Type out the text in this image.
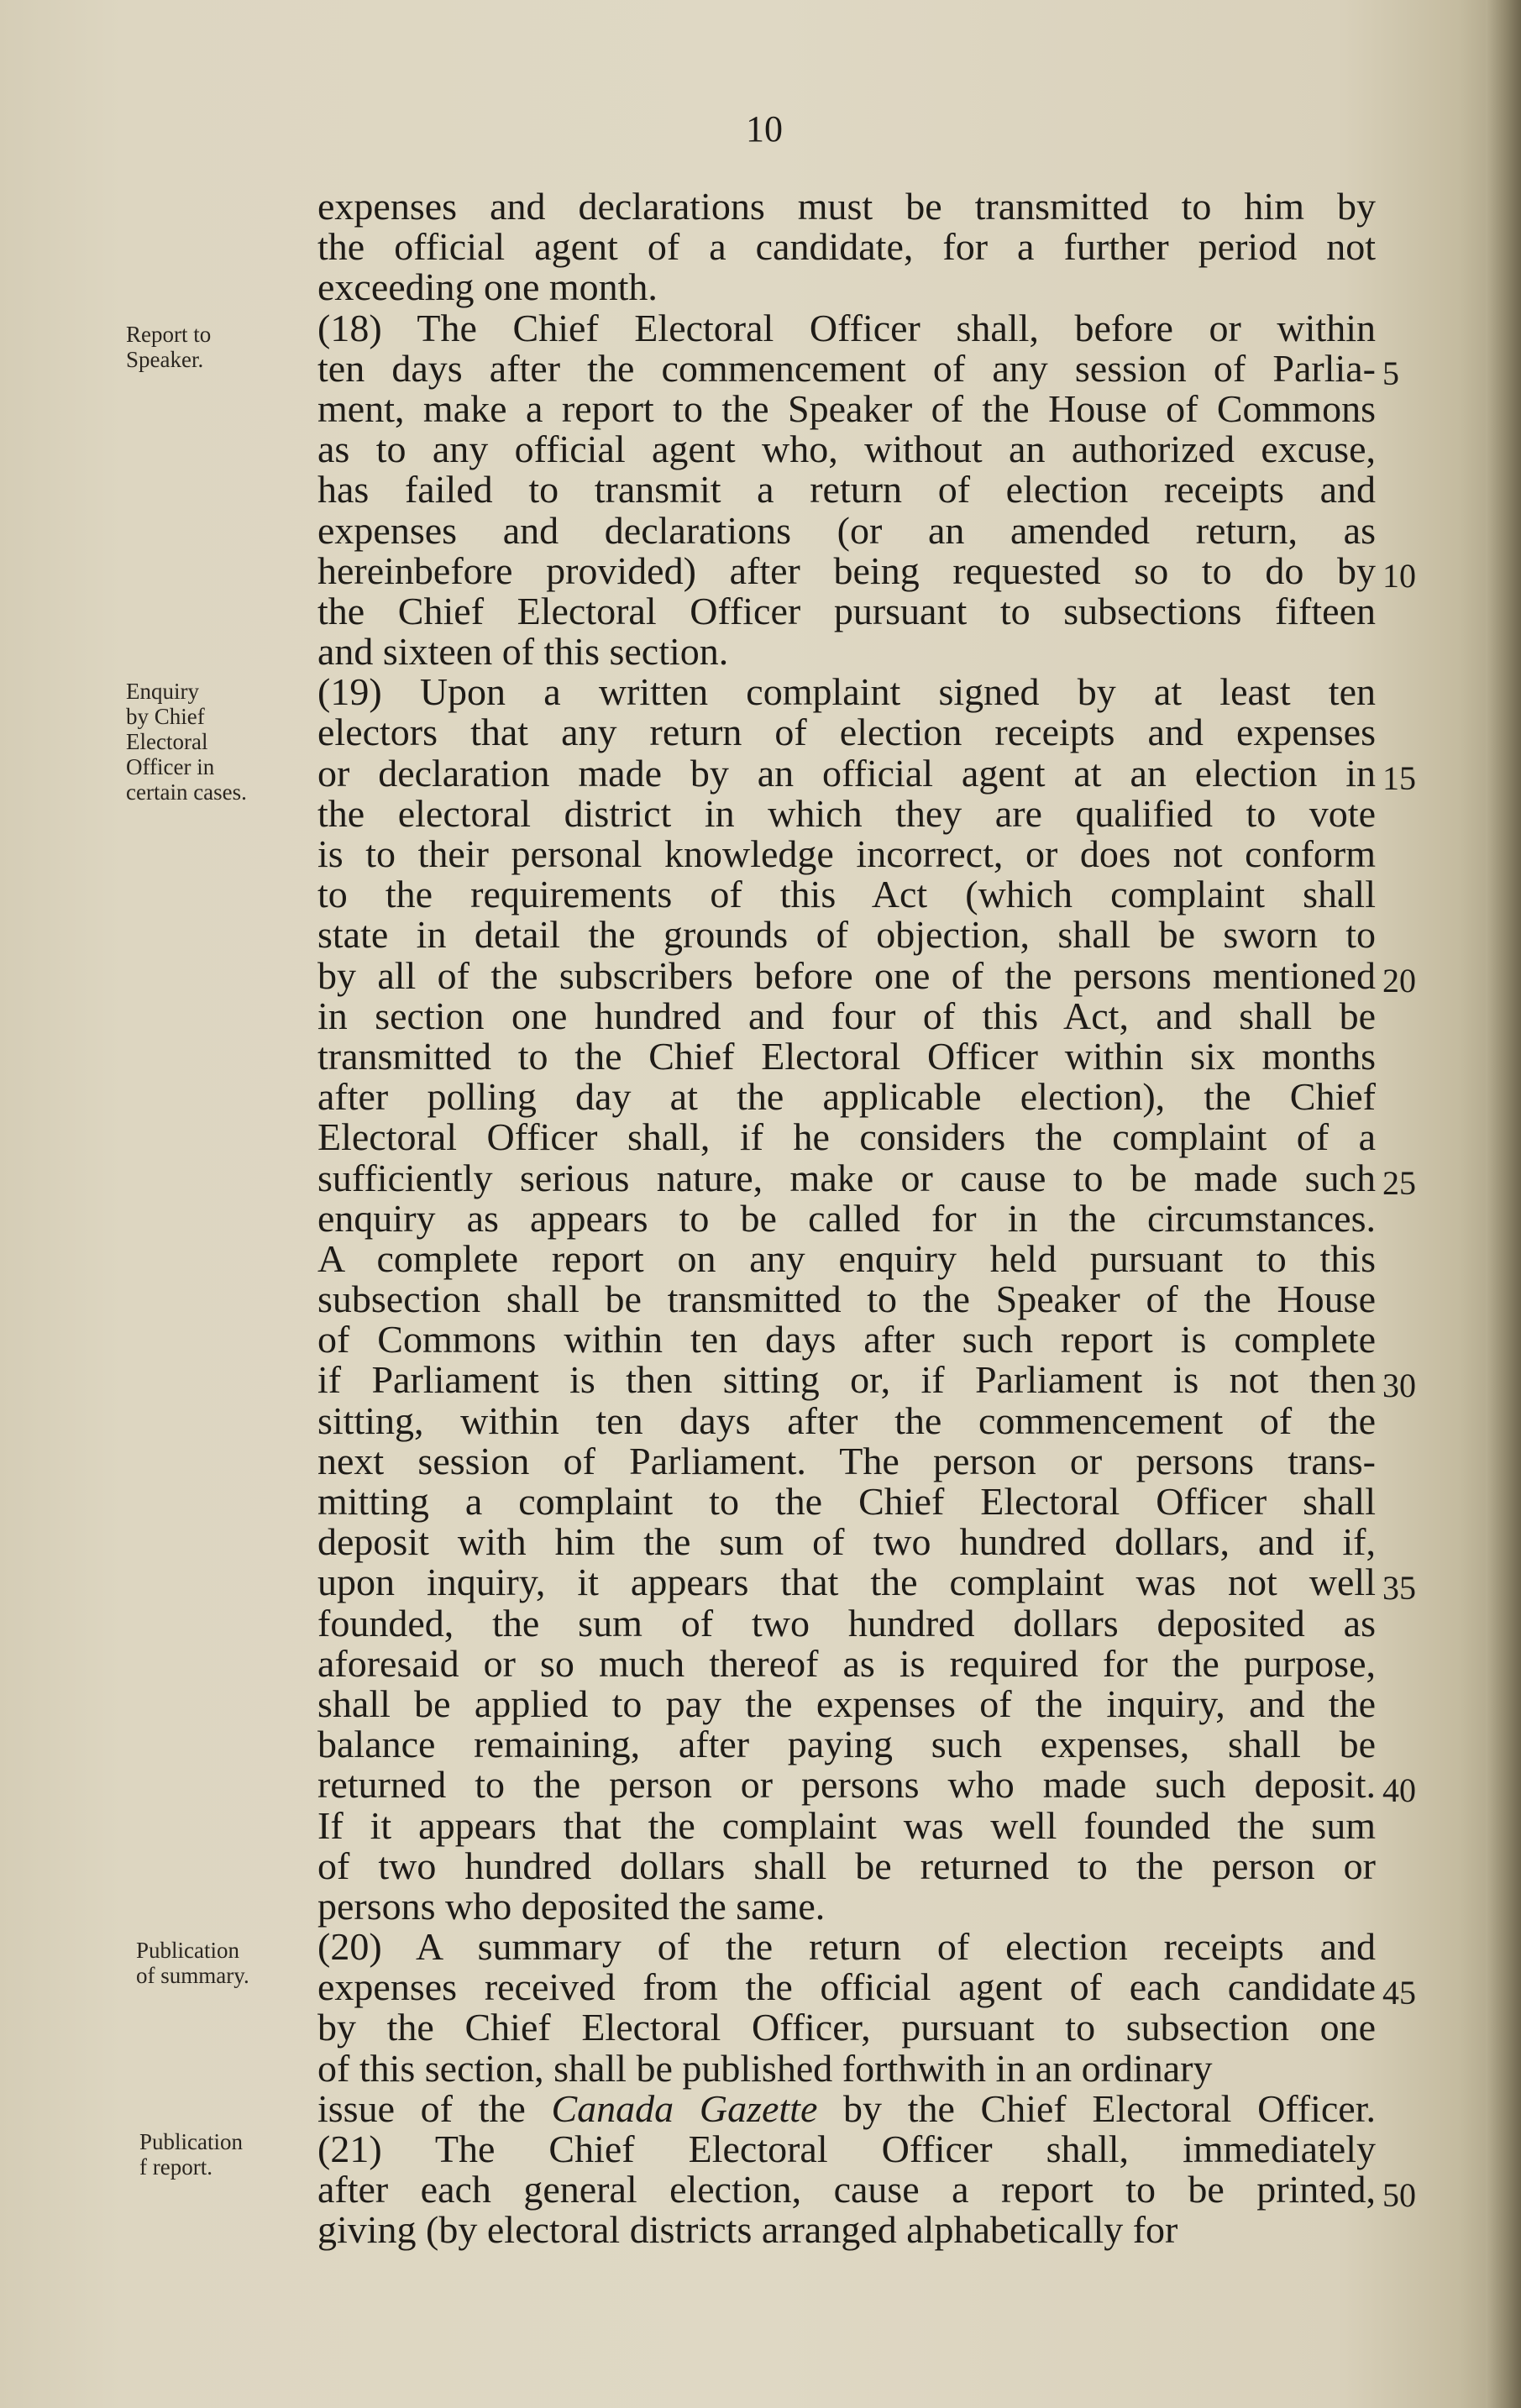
10
Report to
Speaker.
Enquiry
by Chief
Electoral
Officer in
certain cases.
Publication
of summary.
Publication
f report.
expenses and declarations must be transmitted to him by
the official agent of a candidate, for a further period not
exceeding one month.
(18) The Chief Electoral Officer shall, before or within
ten days after the commencement of any session of Parlia-
ment, make a report to the Speaker of the House of Commons
as to any official agent who, without an authorized excuse,
has failed to transmit a return of election receipts and
expenses and declarations (or an amended return, as
hereinbefore provided) after being requested so to do by
the Chief Electoral Officer pursuant to subsections fifteen
and sixteen of this section.
(19) Upon a written complaint signed by at least ten
electors that any return of election receipts and expenses
or declaration made by an official agent at an election in
the electoral district in which they are qualified to vote
is to their personal knowledge incorrect, or does not conform
to the requirements of this Act (which complaint shall
state in detail the grounds of objection, shall be sworn to
by all of the subscribers before one of the persons mentioned
in section one hundred and four of this Act, and shall be
transmitted to the Chief Electoral Officer within six months
after polling day at the applicable election), the Chief
Electoral Officer shall, if he considers the complaint of a
sufficiently serious nature, make or cause to be made such
enquiry as appears to be called for in the circumstances.
A complete report on any enquiry held pursuant to this
subsection shall be transmitted to the Speaker of the House
of Commons within ten days after such report is complete
if Parliament is then sitting or, if Parliament is not then
sitting, within ten days after the commencement of the
next session of Parliament. The person or persons trans-
mitting a complaint to the Chief Electoral Officer shall
deposit with him the sum of two hundred dollars, and if,
upon inquiry, it appears that the complaint was not well
founded, the sum of two hundred dollars deposited as
aforesaid or so much thereof as is required for the purpose,
shall be applied to pay the expenses of the inquiry, and the
balance remaining, after paying such expenses, shall be
returned to the person or persons who made such deposit.
If it appears that the complaint was well founded the sum
of two hundred dollars shall be returned to the person or
persons who deposited the same.
(20) A summary of the return of election receipts and
expenses received from the official agent of each candidate
by the Chief Electoral Officer, pursuant to subsection one
of this section, shall be published forthwith in an ordinary
issue of the Canada Gazette by the Chief Electoral Officer.
(21) The Chief Electoral Officer shall, immediately
after each general election, cause a report to be printed,
giving (by electoral districts arranged alphabetically for
5
10
15
20
25
30
35
40
45
50
